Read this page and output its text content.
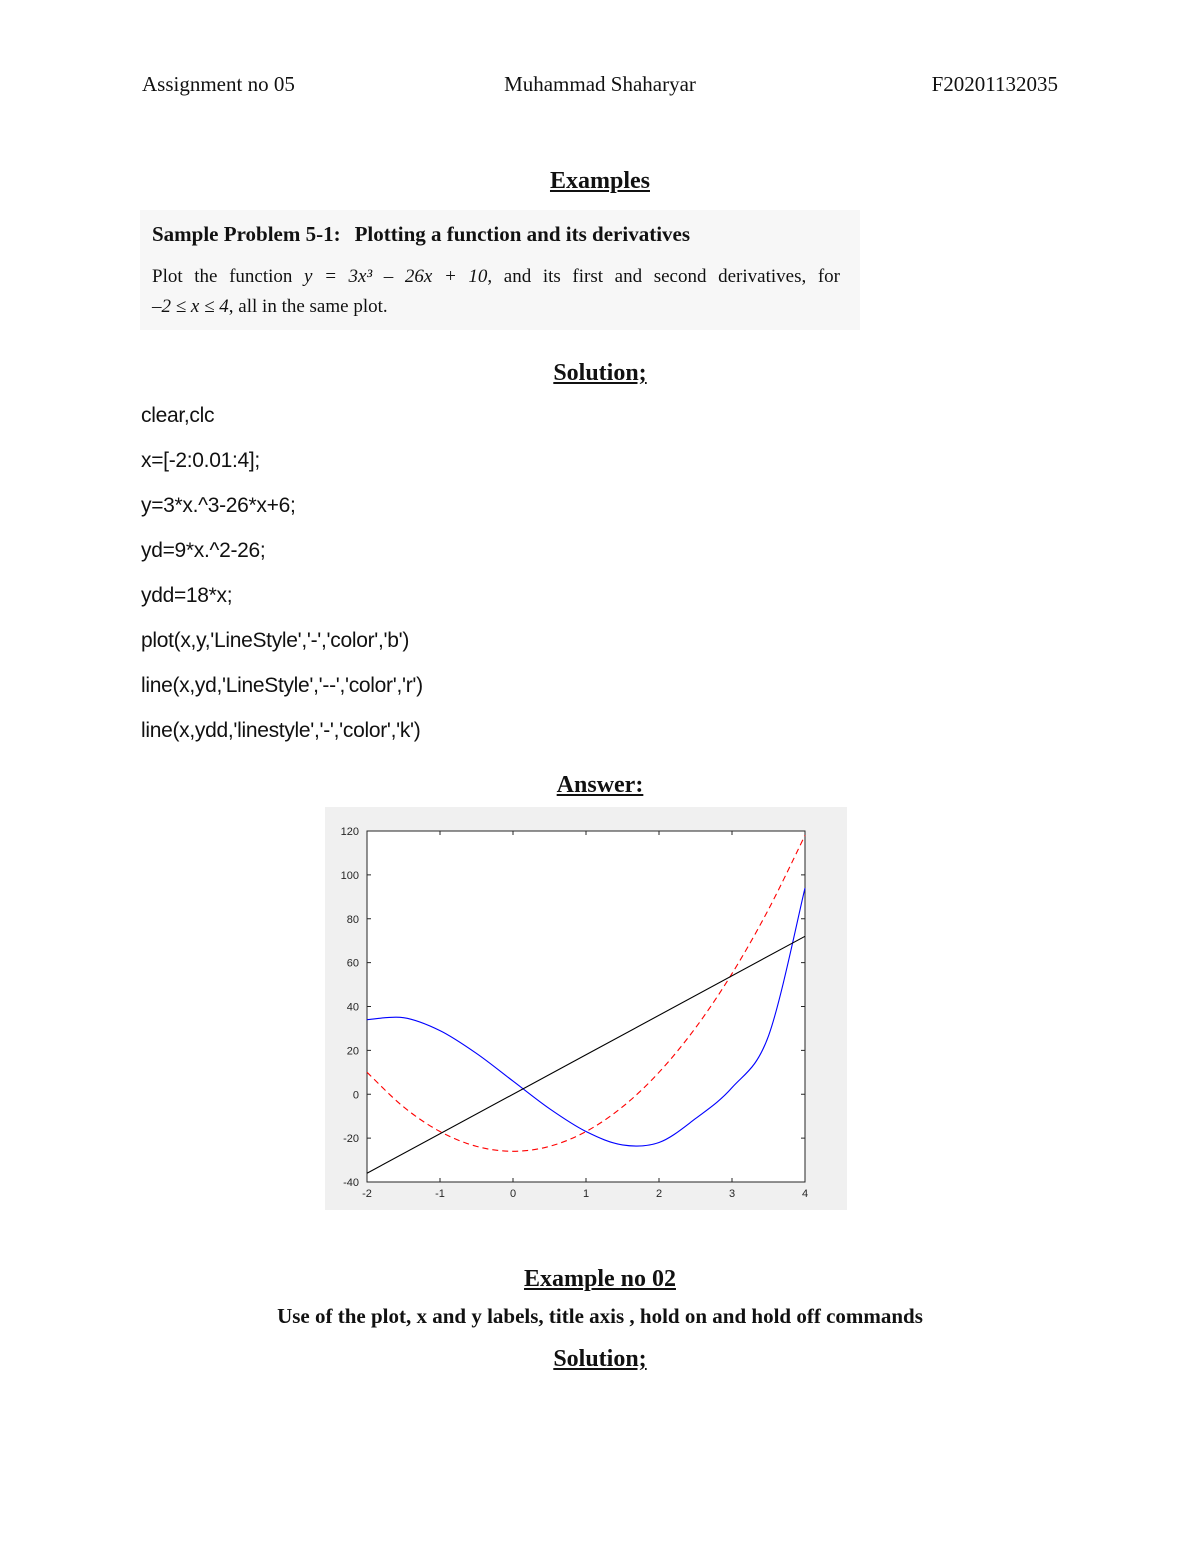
Assignment no 05	Muhammad Shaharyar	F20201132035
Examples
Sample Problem 5-1: Plotting a function and its derivatives
Plot the function y = 3x³ – 26x + 10, and its first and second derivatives, for
–2 ≤ x ≤ 4, all in the same plot.
Solution;
clear,clc
x=[-2:0.01:4];
y=3*x.^3-26*x+6;
yd=9*x.^2-26;
ydd=18*x;
plot(x,y,'LineStyle','-','color','b')
line(x,yd,'LineStyle','--','color','r')
line(x,ydd,'linestyle','-','color','k')
Answer:
-2	-1	0	1	2	3	4
-40
-20
0
20
40
60
80
100
120
Example no 02
Use of the plot, x and y labels, title axis , hold on and hold off commands
Solution;
